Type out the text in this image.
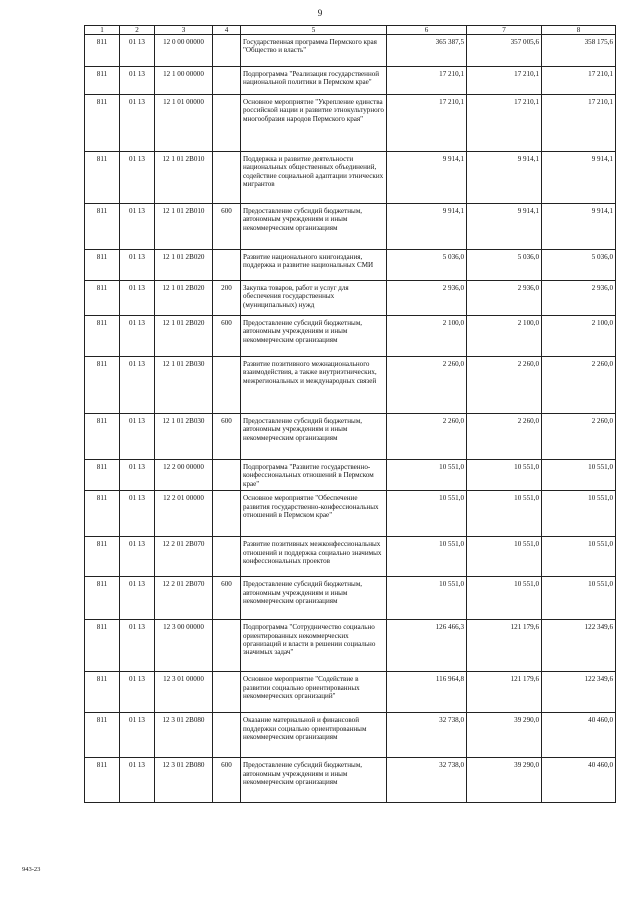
9
1	2	3	4	5	6	7	8
811	01 13	12 0 00 00000		Государственная программа Пермского края "Общество и власть"	365 387,5	357 005,6	358 175,6
811	01 13	12 1 00 00000		Подпрограмма "Реализация государственной национальной политики в Пермском крае"	17 210,1	17 210,1	17 210,1
811	01 13	12 1 01 00000		Основное мероприятие "Укрепление единства российской нации и развитие этнокультурного многообразия народов Пермского края"	17 210,1	17 210,1	17 210,1
811	01 13	12 1 01 2В010		Поддержка и развитие деятельности национальных общественных объединений, содействие социальной адаптации этнических мигрантов	9 914,1	9 914,1	9 914,1
811	01 13	12 1 01 2В010	600	Предоставление субсидий бюджетным, автономным учреждениям и иным некоммерческим организациям	9 914,1	9 914,1	9 914,1
811	01 13	12 1 01 2В020		Развитие национального книгоиздания, поддержка и развитие национальных СМИ	5 036,0	5 036,0	5 036,0
811	01 13	12 1 01 2В020	200	Закупка товаров, работ и услуг для обеспечения государственных (муниципальных) нужд	2 936,0	2 936,0	2 936,0
811	01 13	12 1 01 2В020	600	Предоставление субсидий бюджетным, автономным учреждениям и иным некоммерческим организациям	2 100,0	2 100,0	2 100,0
811	01 13	12 1 01 2В030		Развитие позитивного межнационального взаимодействия, а также внутриэтнических, межрегиональных и международных связей	2 260,0	2 260,0	2 260,0
811	01 13	12 1 01 2В030	600	Предоставление субсидий бюджетным, автономным учреждениям и иным некоммерческим организациям	2 260,0	2 260,0	2 260,0
811	01 13	12 2 00 00000		Подпрограмма "Развитие государственно-конфессиональных отношений в Пермском крае"	10 551,0	10 551,0	10 551,0
811	01 13	12 2 01 00000		Основное мероприятие "Обеспечение развития государственно-конфессиональных отношений в Пермском крае"	10 551,0	10 551,0	10 551,0
811	01 13	12 2 01 2В070		Развитие позитивных межконфессиональных отношений и поддержка социально значимых конфессиональных проектов	10 551,0	10 551,0	10 551,0
811	01 13	12 2 01 2В070	600	Предоставление субсидий бюджетным, автономным учреждениям и иным некоммерческим организациям	10 551,0	10 551,0	10 551,0
811	01 13	12 3 00 00000		Подпрограмма "Сотрудничество социально ориентированных некоммерческих организаций и власти в решении социально значимых задач"	126 466,3	121 179,6	122 349,6
811	01 13	12 3 01 00000		Основное мероприятие "Содействие в развитии социально ориентированных некоммерческих организаций"	116 964,8	121 179,6	122 349,6
811	01 13	12 3 01 2В080		Оказание материальной и финансовой поддержки социально ориентированным некоммерческим организациям	32 738,0	39 290,0	40 460,0
811	01 13	12 3 01 2В080	600	Предоставление субсидий бюджетным, автономным учреждениям и иным некоммерческим организациям	32 738,0	39 290,0	40 460,0
943-23
